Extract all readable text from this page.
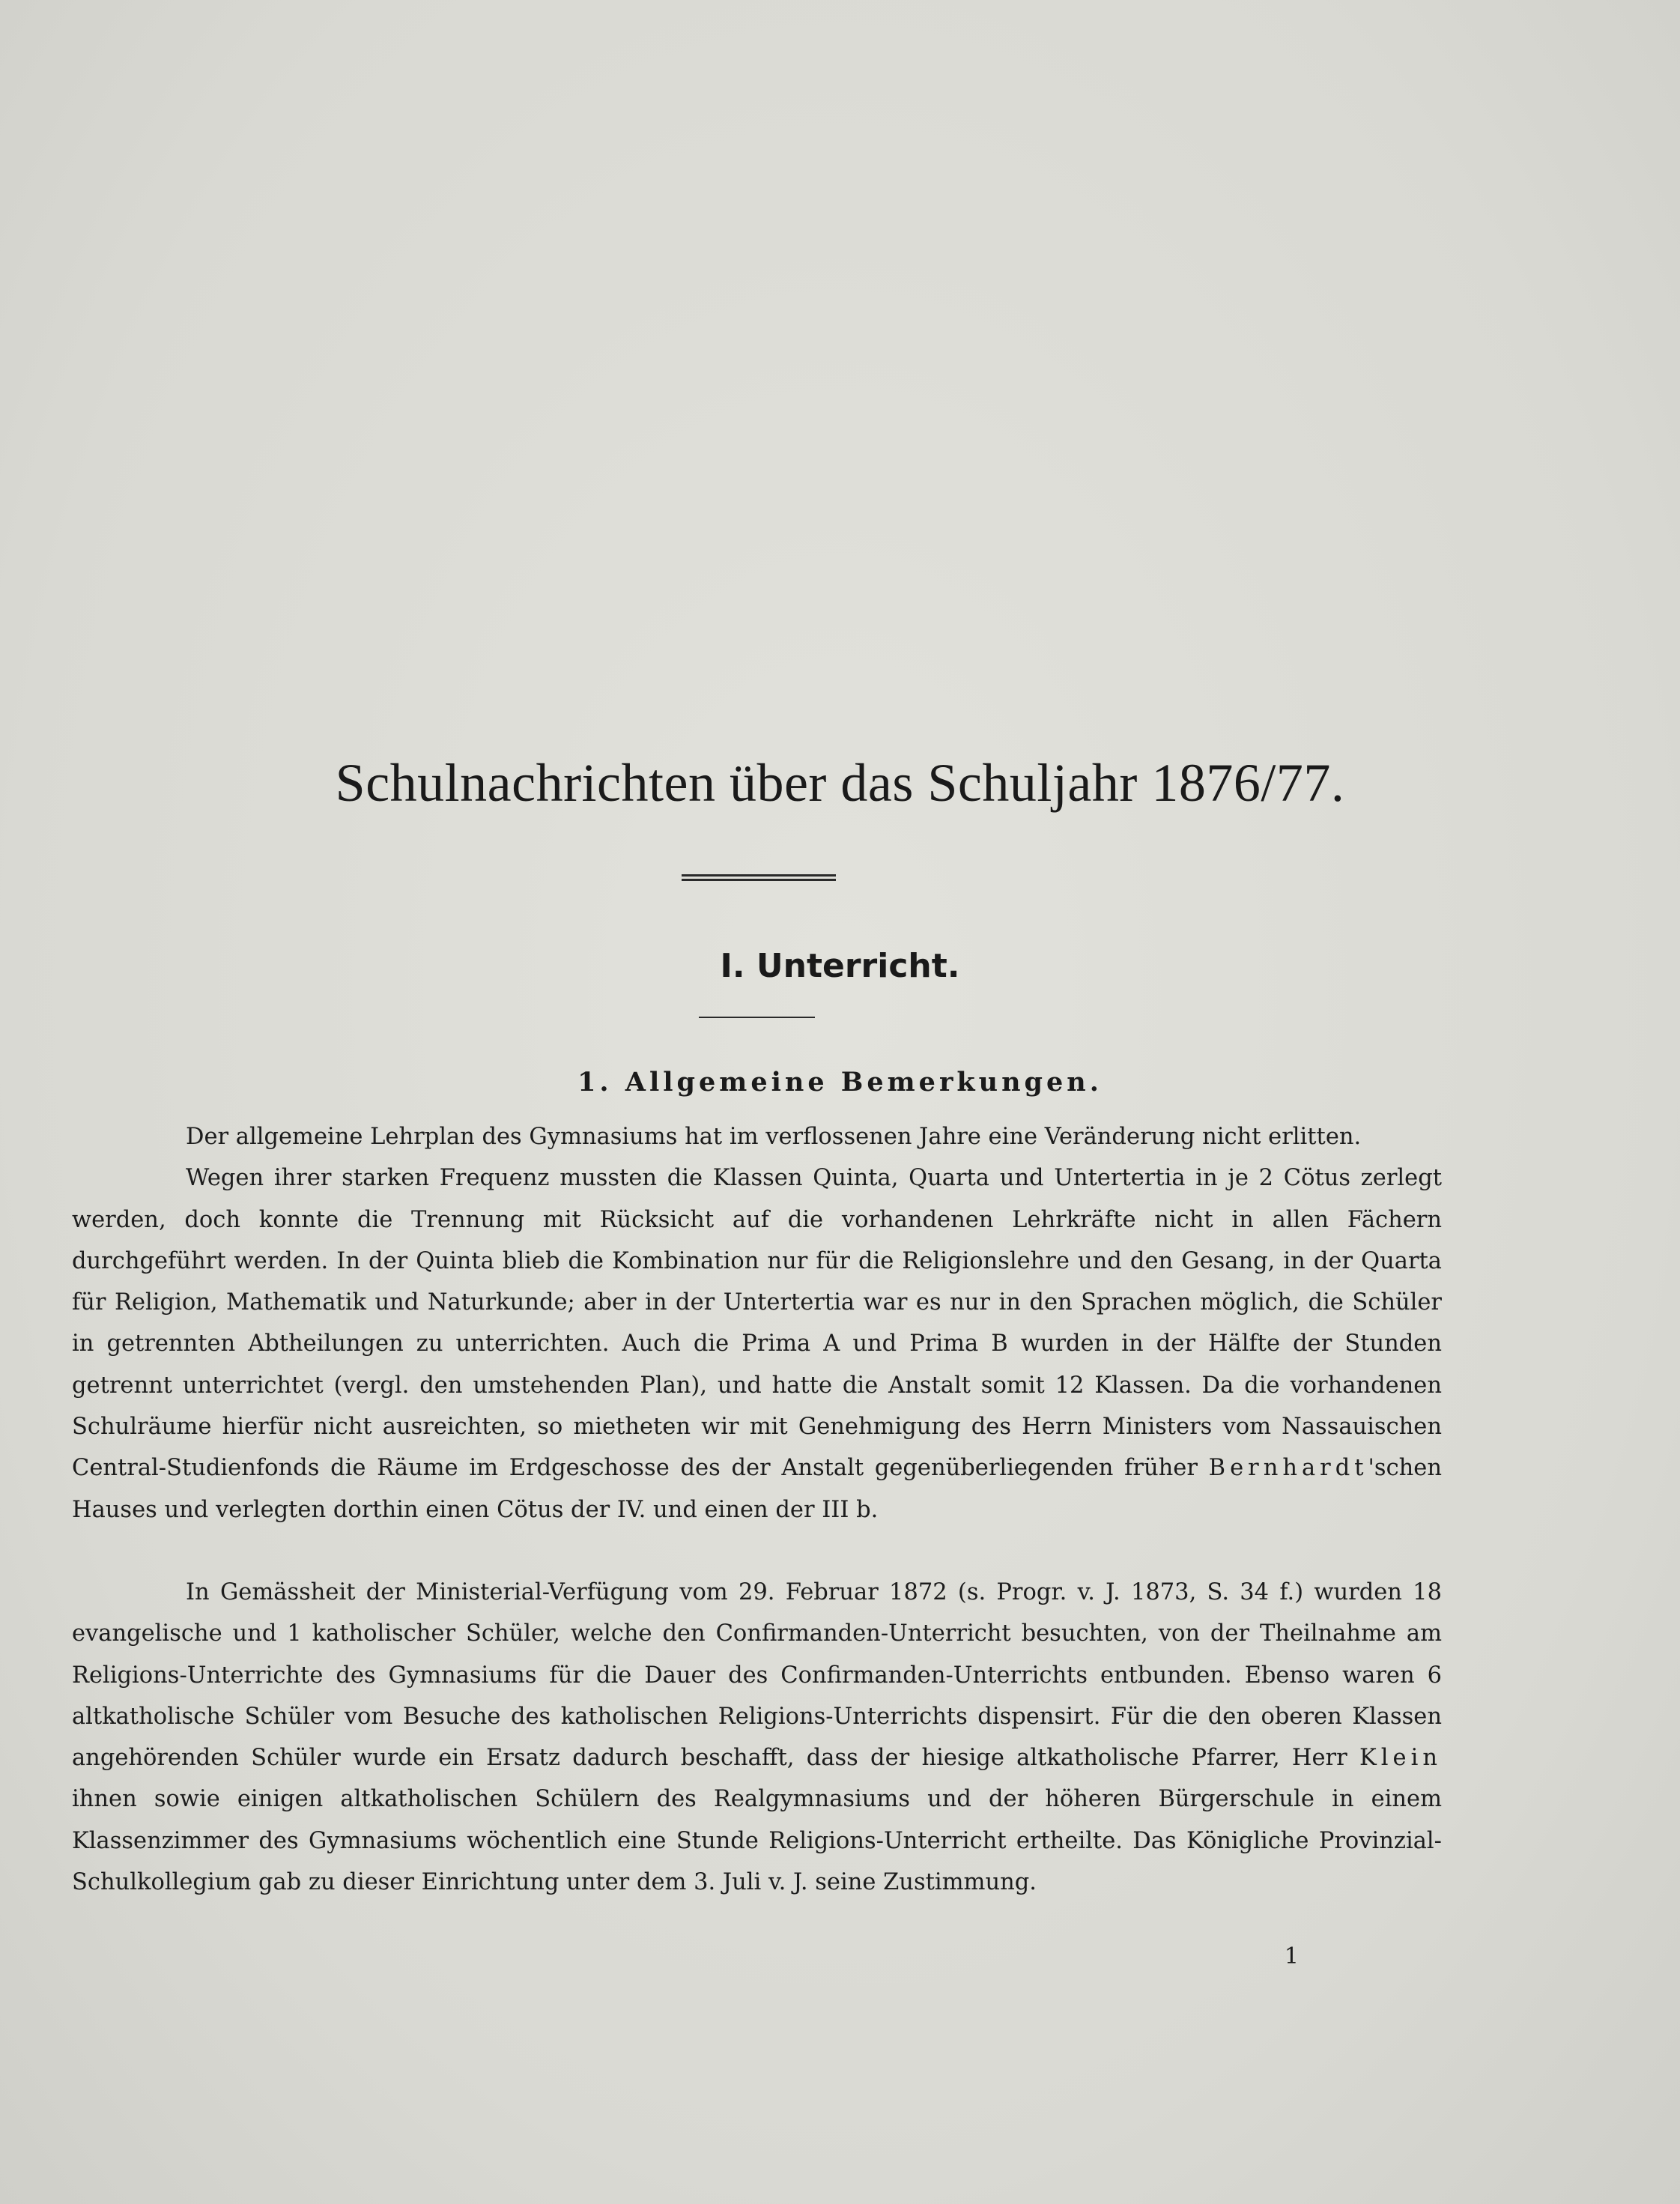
Schulnachrichten über das Schuljahr 1876/77.
I. Unterricht.
1. Allgemeine Bemerkungen.
Der allgemeine Lehrplan des Gymnasiums hat im verflossenen Jahre eine Veränderung nicht erlitten.
Wegen ihrer starken Frequenz mussten die Klassen Quinta, Quarta und Untertertia in je 2 Cötus zerlegt werden, doch konnte die Trennung mit Rücksicht auf die vorhandenen Lehrkräfte nicht in allen Fächern durchgeführt werden. In der Quinta blieb die Kombination nur für die Religionslehre und den Gesang, in der Quarta für Religion, Mathematik und Naturkunde; aber in der Untertertia war es nur in den Sprachen möglich, die Schüler in getrennten Abtheilungen zu unterrichten. Auch die Prima A und Prima B wurden in der Hälfte der Stunden getrennt unterrichtet (vergl. den umstehenden Plan), und hatte die Anstalt somit 12 Klassen. Da die vorhandenen Schulräume hierfür nicht ausreichten, so mietheten wir mit Genehmigung des Herrn Ministers vom Nassauischen Central-Studienfonds die Räume im Erdgeschosse des der Anstalt gegenüberliegenden früher Bernhardt'schen Hauses und verlegten dorthin einen Cötus der IV. und einen der III b.
In Gemässheit der Ministerial-Verfügung vom 29. Februar 1872 (s. Progr. v. J. 1873, S. 34 f.) wurden 18 evangelische und 1 katholischer Schüler, welche den Confirmanden-Unterricht besuchten, von der Theilnahme am Religions-Unterrichte des Gymnasiums für die Dauer des Confirmanden-Unterrichts entbunden. Ebenso waren 6 altkatholische Schüler vom Besuche des katholischen Religions-Unterrichts dispensirt. Für die den oberen Klassen angehörenden Schüler wurde ein Ersatz dadurch beschafft, dass der hiesige altkatholische Pfarrer, Herr Klein ihnen sowie einigen altkatholischen Schülern des Realgymnasiums und der höheren Bürgerschule in einem Klassenzimmer des Gymnasiums wöchentlich eine Stunde Religions-Unterricht ertheilte. Das Königliche Provinzial-Schulkollegium gab zu dieser Einrichtung unter dem 3. Juli v. J. seine Zustimmung.
1
